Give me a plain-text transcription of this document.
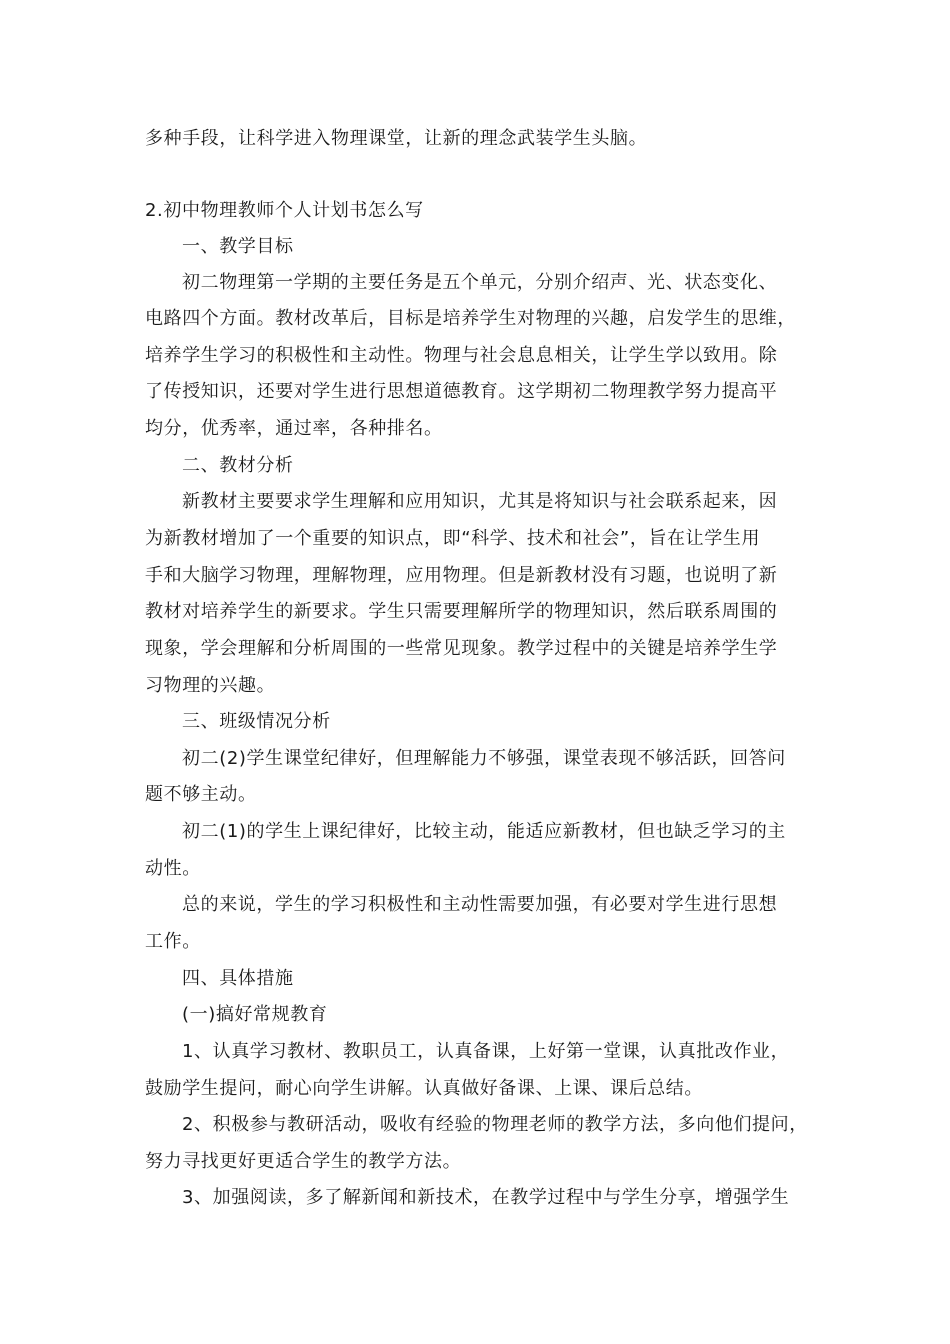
多种手段，让科学进入物理课堂，让新的理念武装学生头脑。
2.初中物理教师个人计划书怎么写
一、教学目标
初二物理第一学期的主要任务是五个单元，分别介绍声、光、状态变化、
电路四个方面。教材改革后，目标是培养学生对物理的兴趣，启发学生的思维，
培养学生学习的积极性和主动性。物理与社会息息相关，让学生学以致用。除
了传授知识，还要对学生进行思想道德教育。这学期初二物理教学努力提高平
均分，优秀率，通过率，各种排名。
二、教材分析
新教材主要要求学生理解和应用知识，尤其是将知识与社会联系起来，因
为新教材增加了一个重要的知识点，即“科学、技术和社会”，旨在让学生用
手和大脑学习物理，理解物理，应用物理。但是新教材没有习题，也说明了新
教材对培养学生的新要求。学生只需要理解所学的物理知识，然后联系周围的
现象，学会理解和分析周围的一些常见现象。教学过程中的关键是培养学生学
习物理的兴趣。
三、班级情况分析
初二(2)学生课堂纪律好，但理解能力不够强，课堂表现不够活跃，回答问
题不够主动。
初二(1)的学生上课纪律好，比较主动，能适应新教材，但也缺乏学习的主
动性。
总的来说，学生的学习积极性和主动性需要加强，有必要对学生进行思想
工作。
四、具体措施
(一)搞好常规教育
1、认真学习教材、教职员工，认真备课，上好第一堂课，认真批改作业，
鼓励学生提问，耐心向学生讲解。认真做好备课、上课、课后总结。
2、积极参与教研活动，吸收有经验的物理老师的教学方法，多向他们提问，
努力寻找更好更适合学生的教学方法。
3、加强阅读，多了解新闻和新技术，在教学过程中与学生分享，增强学生
